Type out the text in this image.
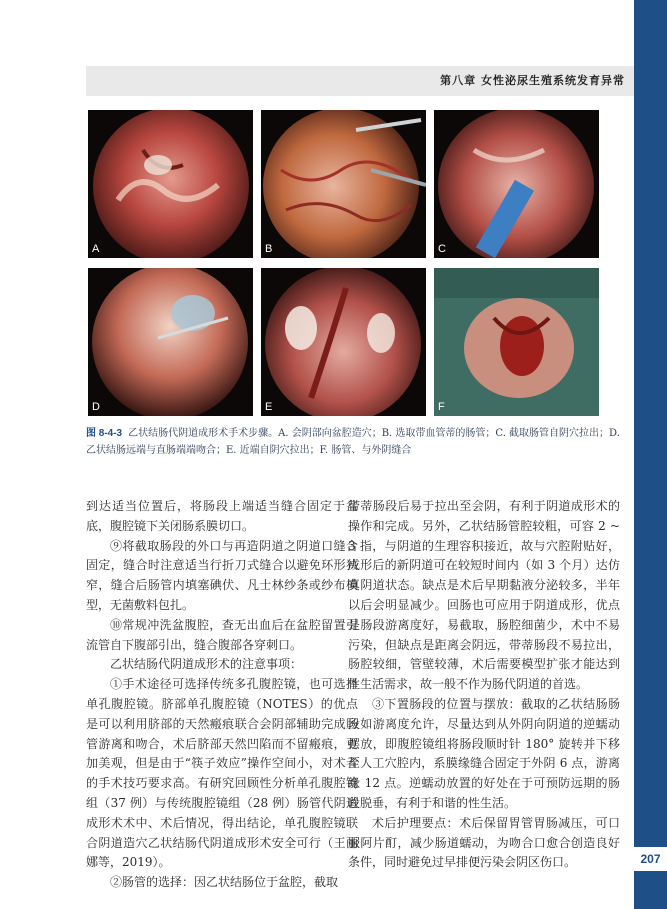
第八章 女性泌尿生殖系统发育异常
A	B	C
D	E	F
图 8-4-3 乙状结肠代阴道成形术手术步骤。A. 会阴部向盆腔造穴；B. 选取带血管蒂的肠管；C. 截取肠管自阴穴拉出；D. 乙状结肠远端与直肠端端吻合；E. 近端自阴穴拉出；F. 肠管、与外阴缝合

到达适当位置后，将肠段上端适当缝合固定于盆底，腹腔镜下关闭肠系膜切口。

⑨将截取肠段的外口与再造阴道之阴道口缝合固定，缝合时注意适当行折刀式缝合以避免环形狭窄，缝合后肠管内填塞碘伏、凡士林纱条或纱布模型，无菌敷料包扎。

⑩常规冲洗盆腹腔，查无出血后在盆腔留置引流管自下腹部引出，缝合腹部各穿刺口。

乙状结肠代阴道成形术的注意事项：

①手术途径可选择传统多孔腹腔镜，也可选择单孔腹腔镜。脐部单孔腹腔镜（NOTES）的优点是可以利用脐部的天然瘢痕联合会阴部辅助完成肠管游离和吻合，术后脐部天然凹陷而不留瘢痕，更加美观，但是由于“筷子效应”操作空间小，对术者的手术技巧要求高。有研究回顾性分析单孔腹腔镜组（37 例）与传统腹腔镜组（28 例）肠管代阴道成形术术中、术后情况，得出结论，单孔腹腔镜联合阴道造穴乙状结肠代阴道成形术安全可行（王丽娜等，2019）。

②肠管的选择：因乙状结肠位于盆腔，截取

带蒂肠段后易于拉出至会阴，有利于阴道成形术的操作和完成。另外，乙状结肠管腔较粗，可容 2 ~ 3 指，与阴道的生理容积接近，故与穴腔附贴好，成形后的新阴道可在较短时间内（如 3 个月）达仿真阴道状态。缺点是术后早期黏液分泌较多，半年以后会明显减少。回肠也可应用于阴道成形，优点是肠段游离度好，易截取，肠腔细菌少，术中不易污染，但缺点是距离会阴远，带蒂肠段不易拉出，肠腔较细，管壁较薄，术后需要模型扩张才能达到性生活需求，故一般不作为肠代阴道的首选。

③下置肠段的位置与摆放：截取的乙状结肠肠段如游离度允许，尽量达到从外阴向阴道的逆蠕动摆放，即腹腔镜组将肠段顺时针 180° 旋转并下移至人工穴腔内，系膜缘缝合固定于外阴 6 点，游离缘 12 点。逆蠕动放置的好处在于可预防远期的肠段脱垂，有利于和谐的性生活。

术后护理要点：术后保留胃管胃肠减压，可口服阿片酊，减少肠道蠕动，为吻合口愈合创造良好条件，同时避免过早排便污染会阴区伤口。	207
